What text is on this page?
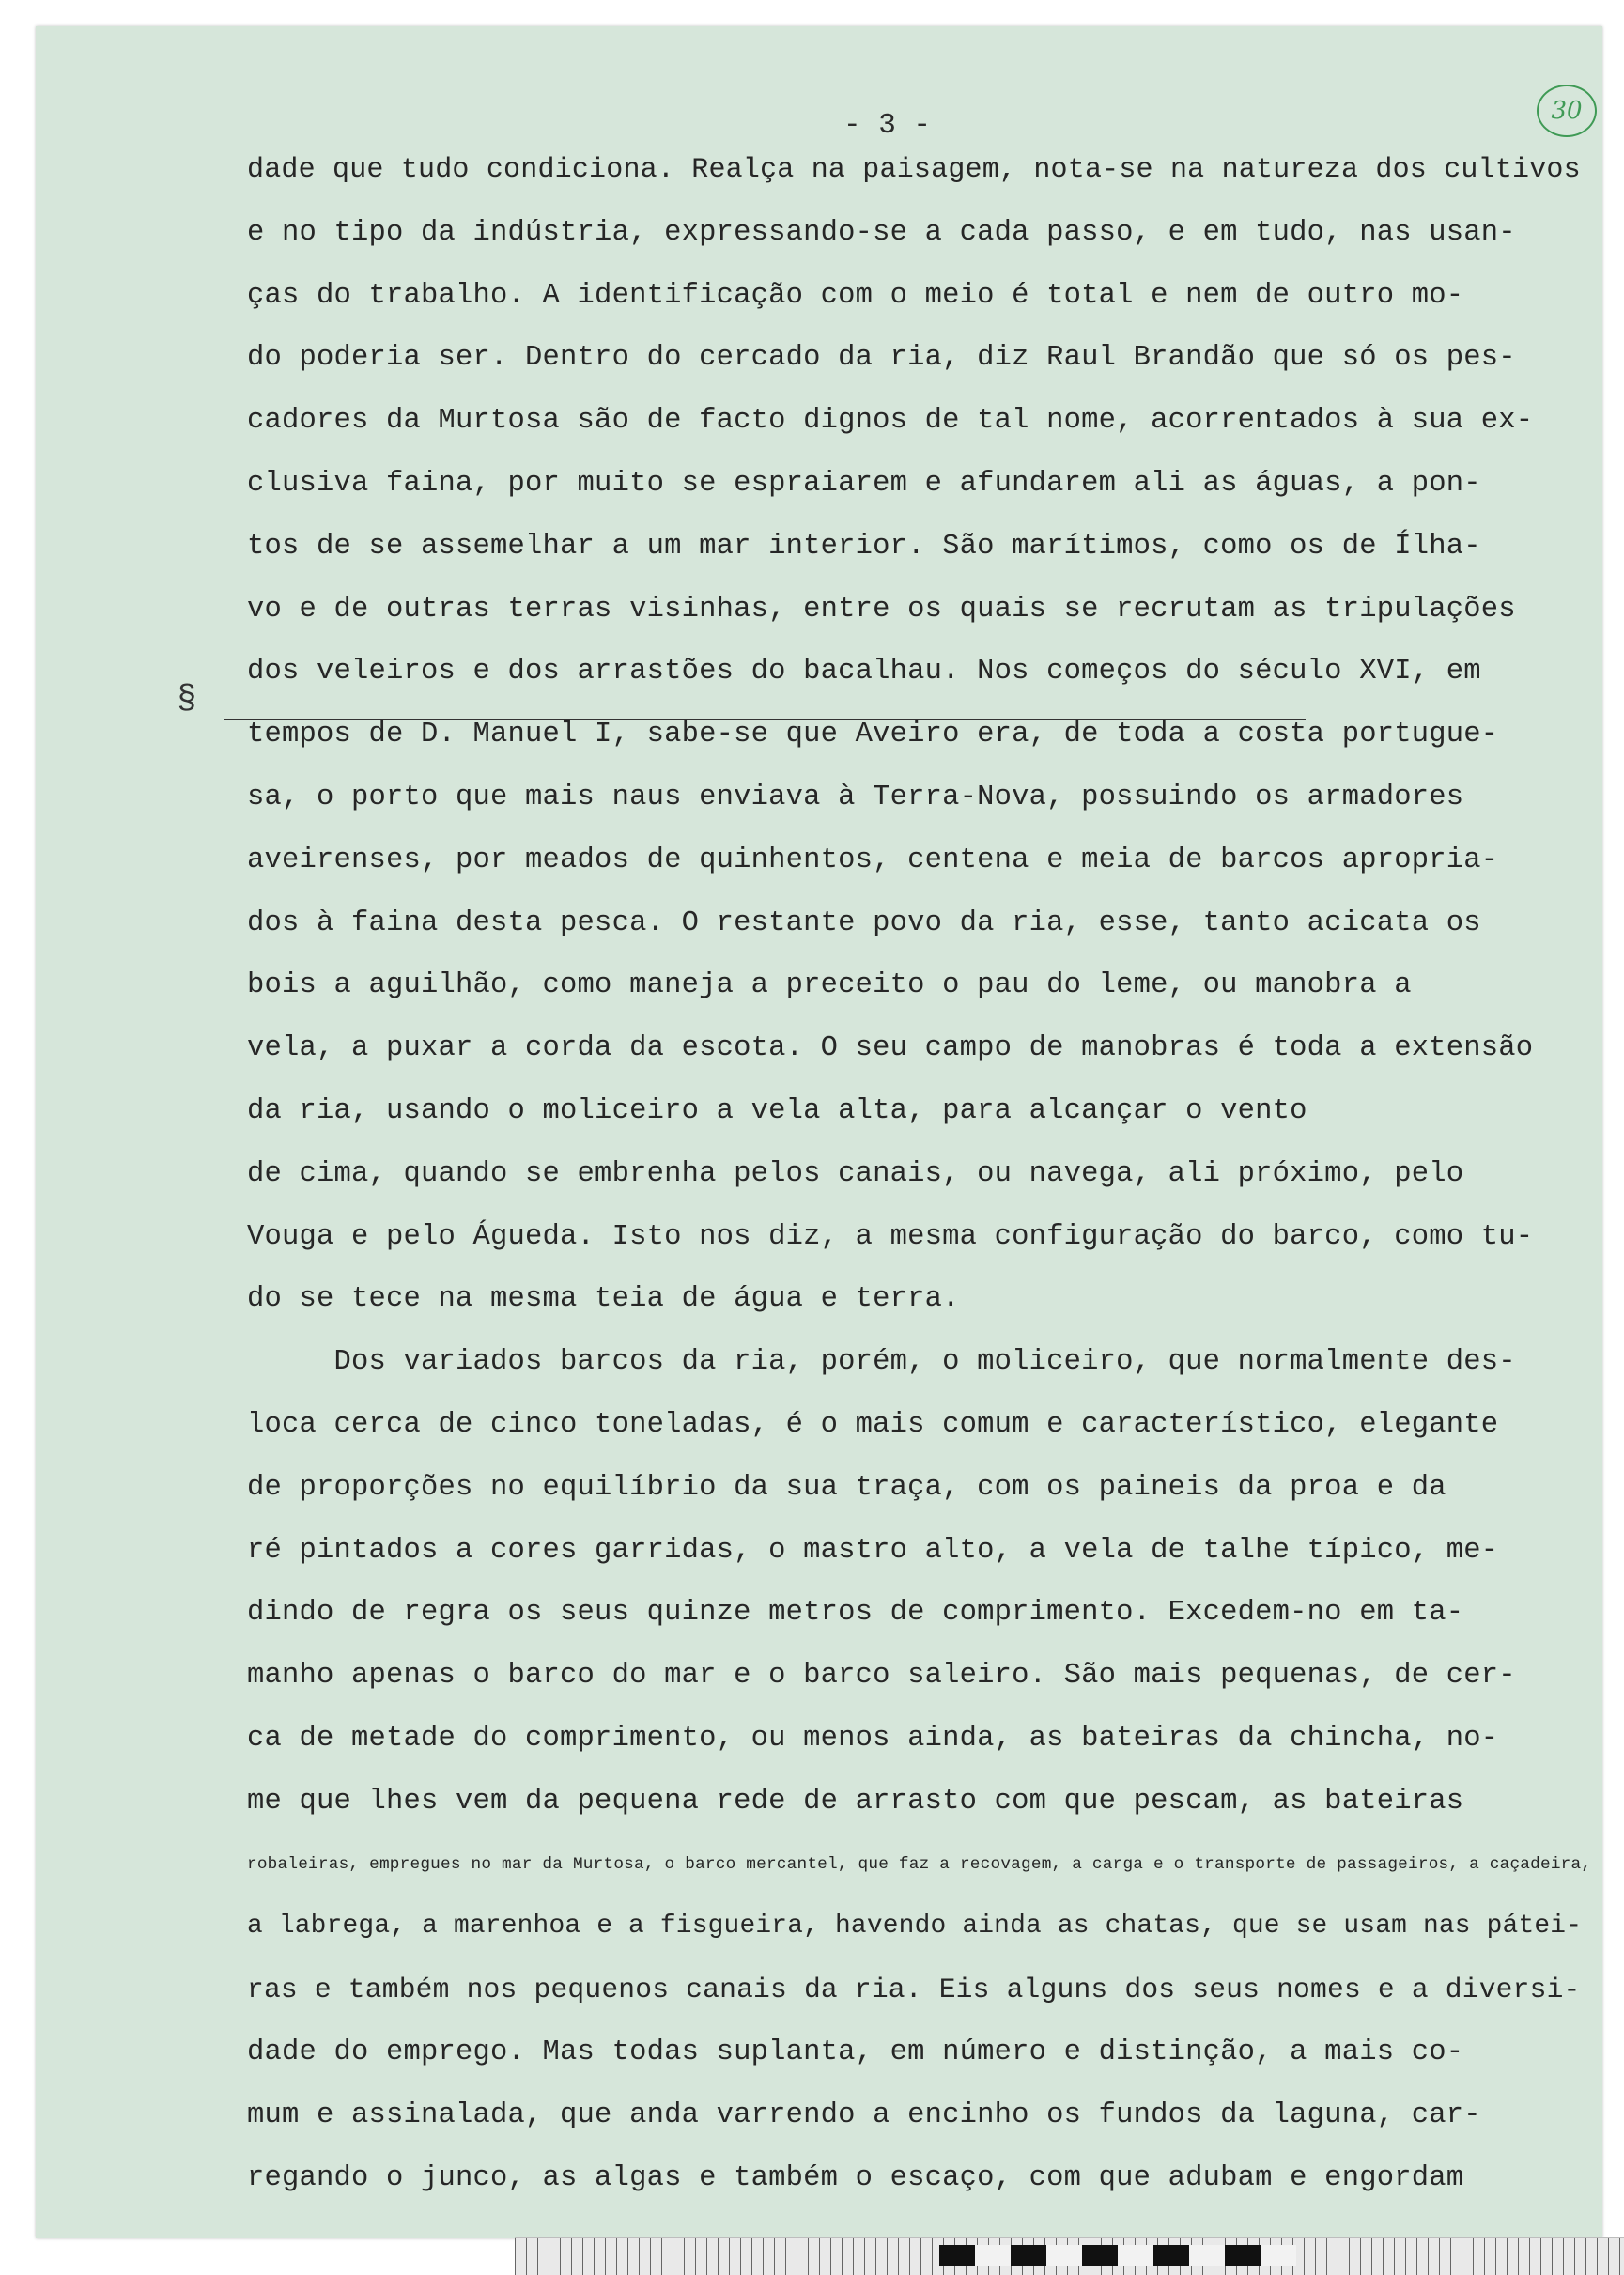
- 3 -	30
§
dade que tudo condiciona. Realça na paisagem, nota-se na natureza dos cultivos
e no tipo da indústria, expressando-se a cada passo, e em tudo, nas usan-
ças do trabalho. A identificação com o meio é total e nem de outro mo-
do poderia ser. Dentro do cercado da ria, diz Raul Brandão que só os pes-
cadores da Murtosa são de facto dignos de tal nome, acorrentados à sua ex-
clusiva faina, por muito se espraiarem e afundarem ali as águas, a pon-
tos de se assemelhar a um mar interior. São marítimos, como os de Ílha-
vo e de outras terras visinhas, entre os quais se recrutam as tripulações
dos veleiros e dos arrastões do bacalhau. Nos começos do século XVI, em
tempos de D. Manuel I, sabe-se que Aveiro era, de toda a costa portugue-
sa, o porto que mais naus enviava à Terra-Nova, possuindo os armadores
aveirenses, por meados de quinhentos, centena e meia de barcos apropria-
dos à faina desta pesca. O restante povo da ria, esse, tanto acicata os
bois a aguilhão, como maneja a preceito o pau do leme, ou manobra a
vela, a puxar a corda da escota. O seu campo de manobras é toda a extensão
da ria, usando o moliceiro a vela alta, para alcançar o vento
de cima, quando se embrenha pelos canais, ou navega, ali próximo, pelo
Vouga e pelo Águeda. Isto nos diz, a mesma configuração do barco, como tu-
do se tece na mesma teia de água e terra.
Dos variados barcos da ria, porém, o moliceiro, que normalmente des-
loca cerca de cinco toneladas, é o mais comum e característico, elegante
de proporções no equilíbrio da sua traça, com os paineis da proa e da
ré pintados a cores garridas, o mastro alto, a vela de talhe típico, me-
dindo de regra os seus quinze metros de comprimento. Excedem-no em ta-
manho apenas o barco do mar e o barco saleiro. São mais pequenas, de cer-
ca de metade do comprimento, ou menos ainda, as bateiras da chincha, no-
me que lhes vem da pequena rede de arrasto com que pescam, as bateiras
robaleiras, empregues no mar da Murtosa, o barco mercantel, que faz a recovagem, a carga e o transporte de passageiros, a caçadeira,
a labrega, a marenhoa e a fisgueira, havendo ainda as chatas, que se usam nas pátei-
ras e também nos pequenos canais da ria. Eis alguns dos seus nomes e a diversi-
dade do emprego. Mas todas suplanta, em número e distinção, a mais co-
mum e assinalada, que anda varrendo a encinho os fundos da laguna, car-
regando o junco, as algas e também o escaço, com que adubam e engordam
